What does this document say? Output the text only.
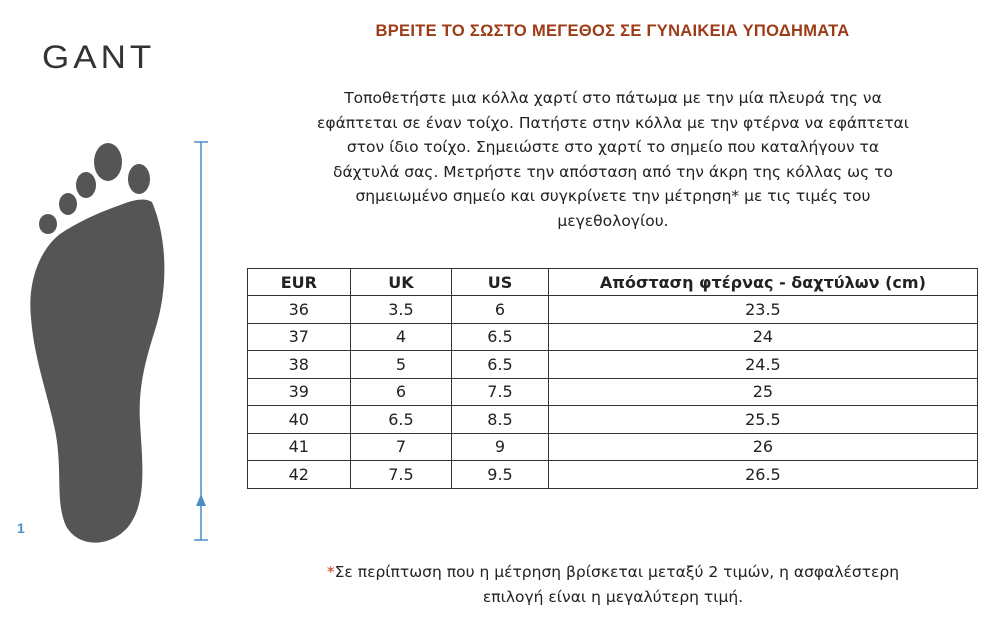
GANT
1
ΒΡΕΙΤΕ ΤΟ ΣΩΣΤΟ ΜΕΓΕΘΟΣ ΣΕ ΓΥΝΑΙΚΕΙΑ ΥΠΟΔΗΜΑΤΑ
Τοποθετήστε μια κόλλα χαρτί στο πάτωμα με την μία πλευρά της να
εφάπτεται σε έναν τοίχο. Πατήστε στην κόλλα με την φτέρνα να εφάπτεται
στον ίδιο τοίχο. Σημειώστε στο χαρτί το σημείο που καταλήγουν τα
δάχτυλά σας. Μετρήστε την απόσταση από την άκρη της κόλλας ως το
σημειωμένο σημείο και συγκρίνετε την μέτρηση* με τις τιμές του
μεγεθολογίου.
EUR	UK	US	Απόσταση φτέρνας - δαχτύλων (cm)
36	3.5	6	23.5
37	4	6.5	24
38	5	6.5	24.5
39	6	7.5	25
40	6.5	8.5	25.5
41	7	9	26
42	7.5	9.5	26.5
*Σε περίπτωση που η μέτρηση βρίσκεται μεταξύ 2 τιμών, η ασφαλέστερη
επιλογή είναι η μεγαλύτερη τιμή.
